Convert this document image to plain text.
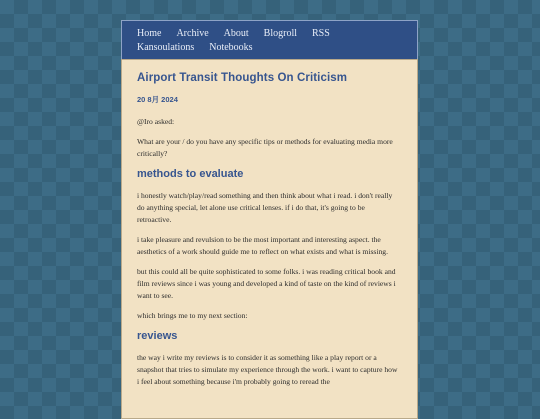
Home Archive About Blogroll RSS
Kansoulations Notebooks
Airport Transit Thoughts On Criticism
20 8月 2024

@Iro asked:

What are your / do you have any specific tips or methods for evaluating media more critically?

methods to evaluate

i honestly watch/play/read something and then think about what i read. i don't really do anything special, let alone use critical lenses. if i do that, it's going to be retroactive.

i take pleasure and revulsion to be the most important and interesting aspect. the aesthetics of a work should guide me to reflect on what exists and what is missing.

but this could all be quite sophisticated to some folks. i was reading critical book and film reviews since i was young and developed a kind of taste on the kind of reviews i want to see.

which brings me to my next section:

reviews

the way i write my reviews is to consider it as something like a play report or a snapshot that tries to simulate my experience through the work. i want to capture how i feel about something because i'm probably going to reread the
